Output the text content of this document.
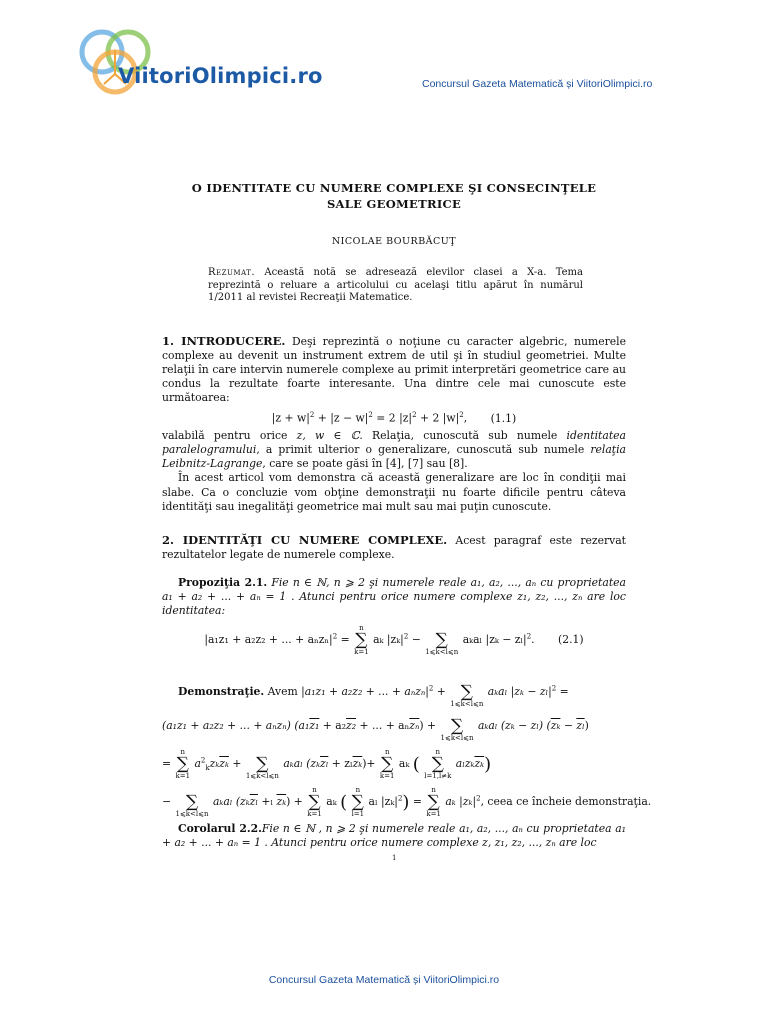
ViitoriOlimpici.ro	Concursul Gazeta Matematică și ViitoriOlimpici.ro
O IDENTITATE CU NUMERE COMPLEXE ŞI CONSECINŢELE
SALE GEOMETRICE
NICOLAE BOURBĂCUŢ
Rezumat. Această notă se adresează elevilor clasei a X-a. Tema reprezintă o reluare a articolului cu acelaşi titlu apărut în numărul 1/2011 al revistei Recreaţii Matematice.

1. INTRODUCERE. Deşi reprezintă o noţiune cu caracter algebric, numerele complexe au devenit un instrument extrem de util şi în studiul geometriei. Multe relaţii în care intervin numerele complexe au primit interpretări geometrice care au condus la rezultate foarte interesante. Una dintre cele mai cunoscute este următoarea:

$|z + w|^2 + |z - w|^2 = 2$ $|z|^2 + 2$ $|w|^2$, (1.1)

valabilă pentru orice z, w ∈ ℂ. Relaţia, cunoscută sub numele identitatea paralelogramului, a primit ulterior o generalizare, cunoscută sub numele relaţia Leibnitz-Lagrange, care se poate găsi în [4], [7] sau [8].

În acest articol vom demonstra că această generalizare are loc în condiţii mai slabe. Ca o concluzie vom obţine demonstraţii nu foarte dificile pentru câteva identităţi sau inegalităţi geometrice mai mult sau mai puţin cunoscute.

2. IDENTITĂŢI CU NUMERE COMPLEXE. Acest paragraf este rezervat rezultatelor legate de numerele complexe.

Propoziţia 2.1. Fie n ∈ ℕ, n ⩾ 2 şi numerele reale a₁, a₂, ..., aₙ cu proprietatea a₁ + a₂ + ... + aₙ = 1 . Atunci pentru orice numere complexe z₁, z₂, ..., zₙ are loc identitatea:

|a₁z₁ + a₂z₂ + ... + $a_nz_n|^2$ =
n
∑
k=1
aₖ $|z_k|^2$ −
∑
1⩽k<l⩽n
aₖaₗ $|z_k - z_l|^2$. (2.1)
Demonstraţie. Avem |a₁z₁ + a₂z₂ + ... + $a_nz_n|^2$ +
∑
1⩽k<l⩽n
aₖaₗ $|z_k - z_l|^2$ =
(a₁z₁ + a₂z₂ + ... + aₙzₙ) (a₁z₁ + a₂z₂ + ... + $a_n\overline{z_n}$) +
∑
1⩽k<l⩽n
aₖaₗ (zₖ − zₗ) $(\overline{z_k} - \overline{z_l})$
=
n
∑
k=1
$a^2_kz_k\overline{z_k}$ +
∑
1⩽k<l⩽n
aₖaₗ $(z_k\overline{z_l} + z_l\overline{z_k})+$
n
∑
k=1
aₖ (
n
∑
l=1,l≠k
$a_lz_k\overline{z_k}$)
−
∑
1⩽k<l⩽n
aₖaₗ ($z_k\overline{z_l} +_l$ $\overline{z_k}$) +
n
∑
k=1
aₖ (
n
∑
l=1
aₗ $|z_k|^2$) =
n
∑
k=1
aₖ $|z_k|^2$, ceea ce încheie demonstraţia.

Corolarul 2.2.Fie n ∈ ℕ , n ⩾ 2 şi numerele reale a₁, a₂, ..., aₙ cu proprietatea a₁ + a₂ + ... + aₙ = 1 . Atunci pentru orice numere complexe z, z₁, z₂, ..., zₙ are loc

1
Concursul Gazeta Matematică și ViitoriOlimpici.ro
